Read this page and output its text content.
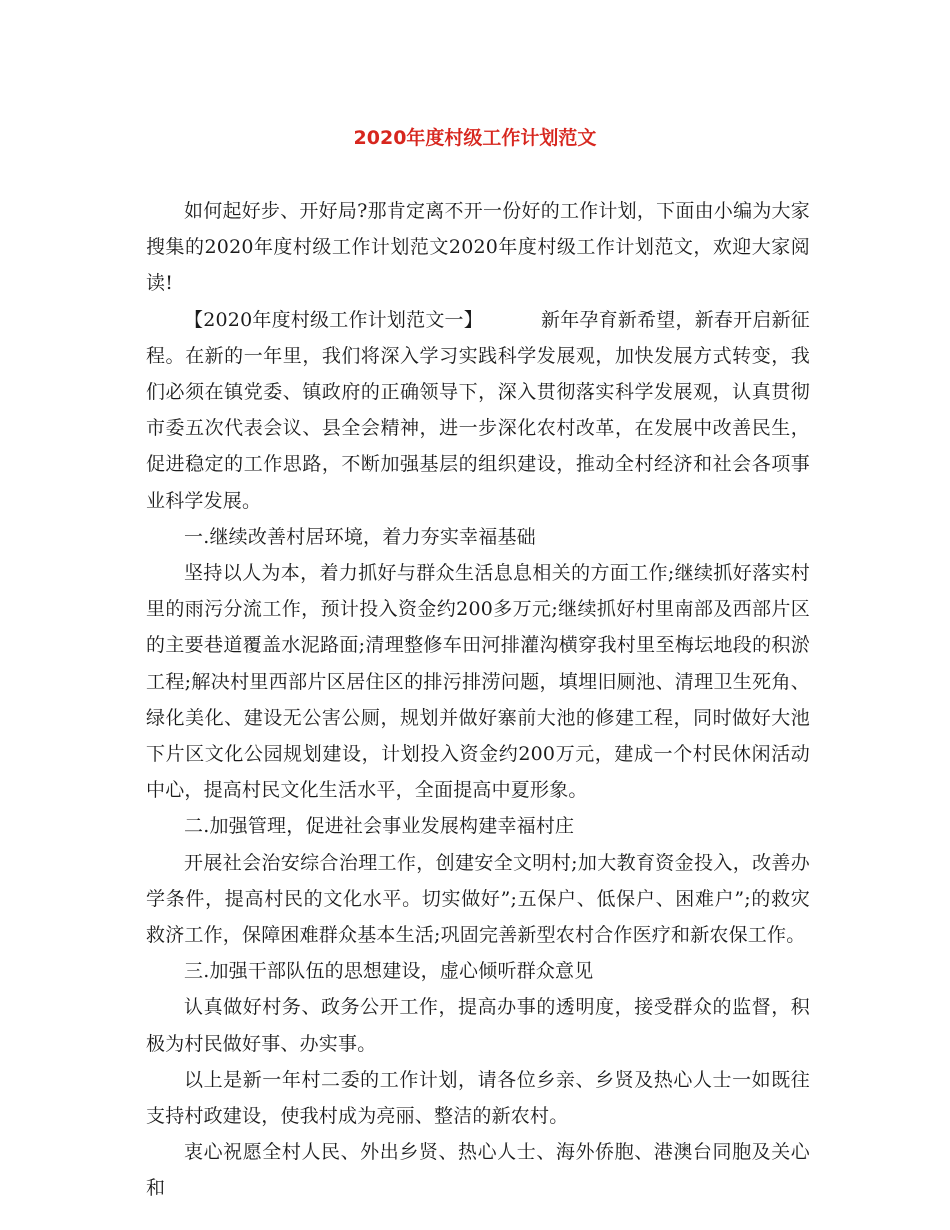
2020年度村级工作计划范文

如何起好步、开好局?那肯定离不开一份好的工作计划，下面由小编为大家搜集的2020年度村级工作计划范文2020年度村级工作计划范文，欢迎大家阅读!

【2020年度村级工作计划范文一】	新年孕育新希望，新春开启新征程。在新的一年里，我们将深入学习实践科学发展观，加快发展方式转变，我们必须在镇党委、镇政府的正确领导下，深入贯彻落实科学发展观，认真贯彻市委五次代表会议、县全会精神，进一步深化农村改革，在发展中改善民生，促进稳定的工作思路，不断加强基层的组织建设，推动全村经济和社会各项事业科学发展。

一.继续改善村居环境，着力夯实幸福基础

坚持以人为本，着力抓好与群众生活息息相关的方面工作;继续抓好落实村里的雨污分流工作，预计投入资金约200多万元;继续抓好村里南部及西部片区的主要巷道覆盖水泥路面;清理整修车田河排灌沟横穿我村里至梅坛地段的积淤工程;解决村里西部片区居住区的排污排涝问题，填埋旧厕池、清理卫生死角、绿化美化、建设无公害公厕，规划并做好寨前大池的修建工程，同时做好大池下片区文化公园规划建设，计划投入资金约200万元，建成一个村民休闲活动中心，提高村民文化生活水平，全面提高中夏形象。

二.加强管理，促进社会事业发展构建幸福村庄

开展社会治安综合治理工作，创建安全文明村;加大教育资金投入，改善办学条件，提高村民的文化水平。切实做好”;五保户、低保户、困难户”;的救灾救济工作，保障困难群众基本生活;巩固完善新型农村合作医疗和新农保工作。

三.加强干部队伍的思想建设，虚心倾听群众意见

认真做好村务、政务公开工作，提高办事的透明度，接受群众的监督，积极为村民做好事、办实事。

以上是新一年村二委的工作计划，请各位乡亲、乡贤及热心人士一如既往支持村政建设，使我村成为亮丽、整洁的新农村。

衷心祝愿全村人民、外出乡贤、热心人士、海外侨胞、港澳台同胞及关心和
